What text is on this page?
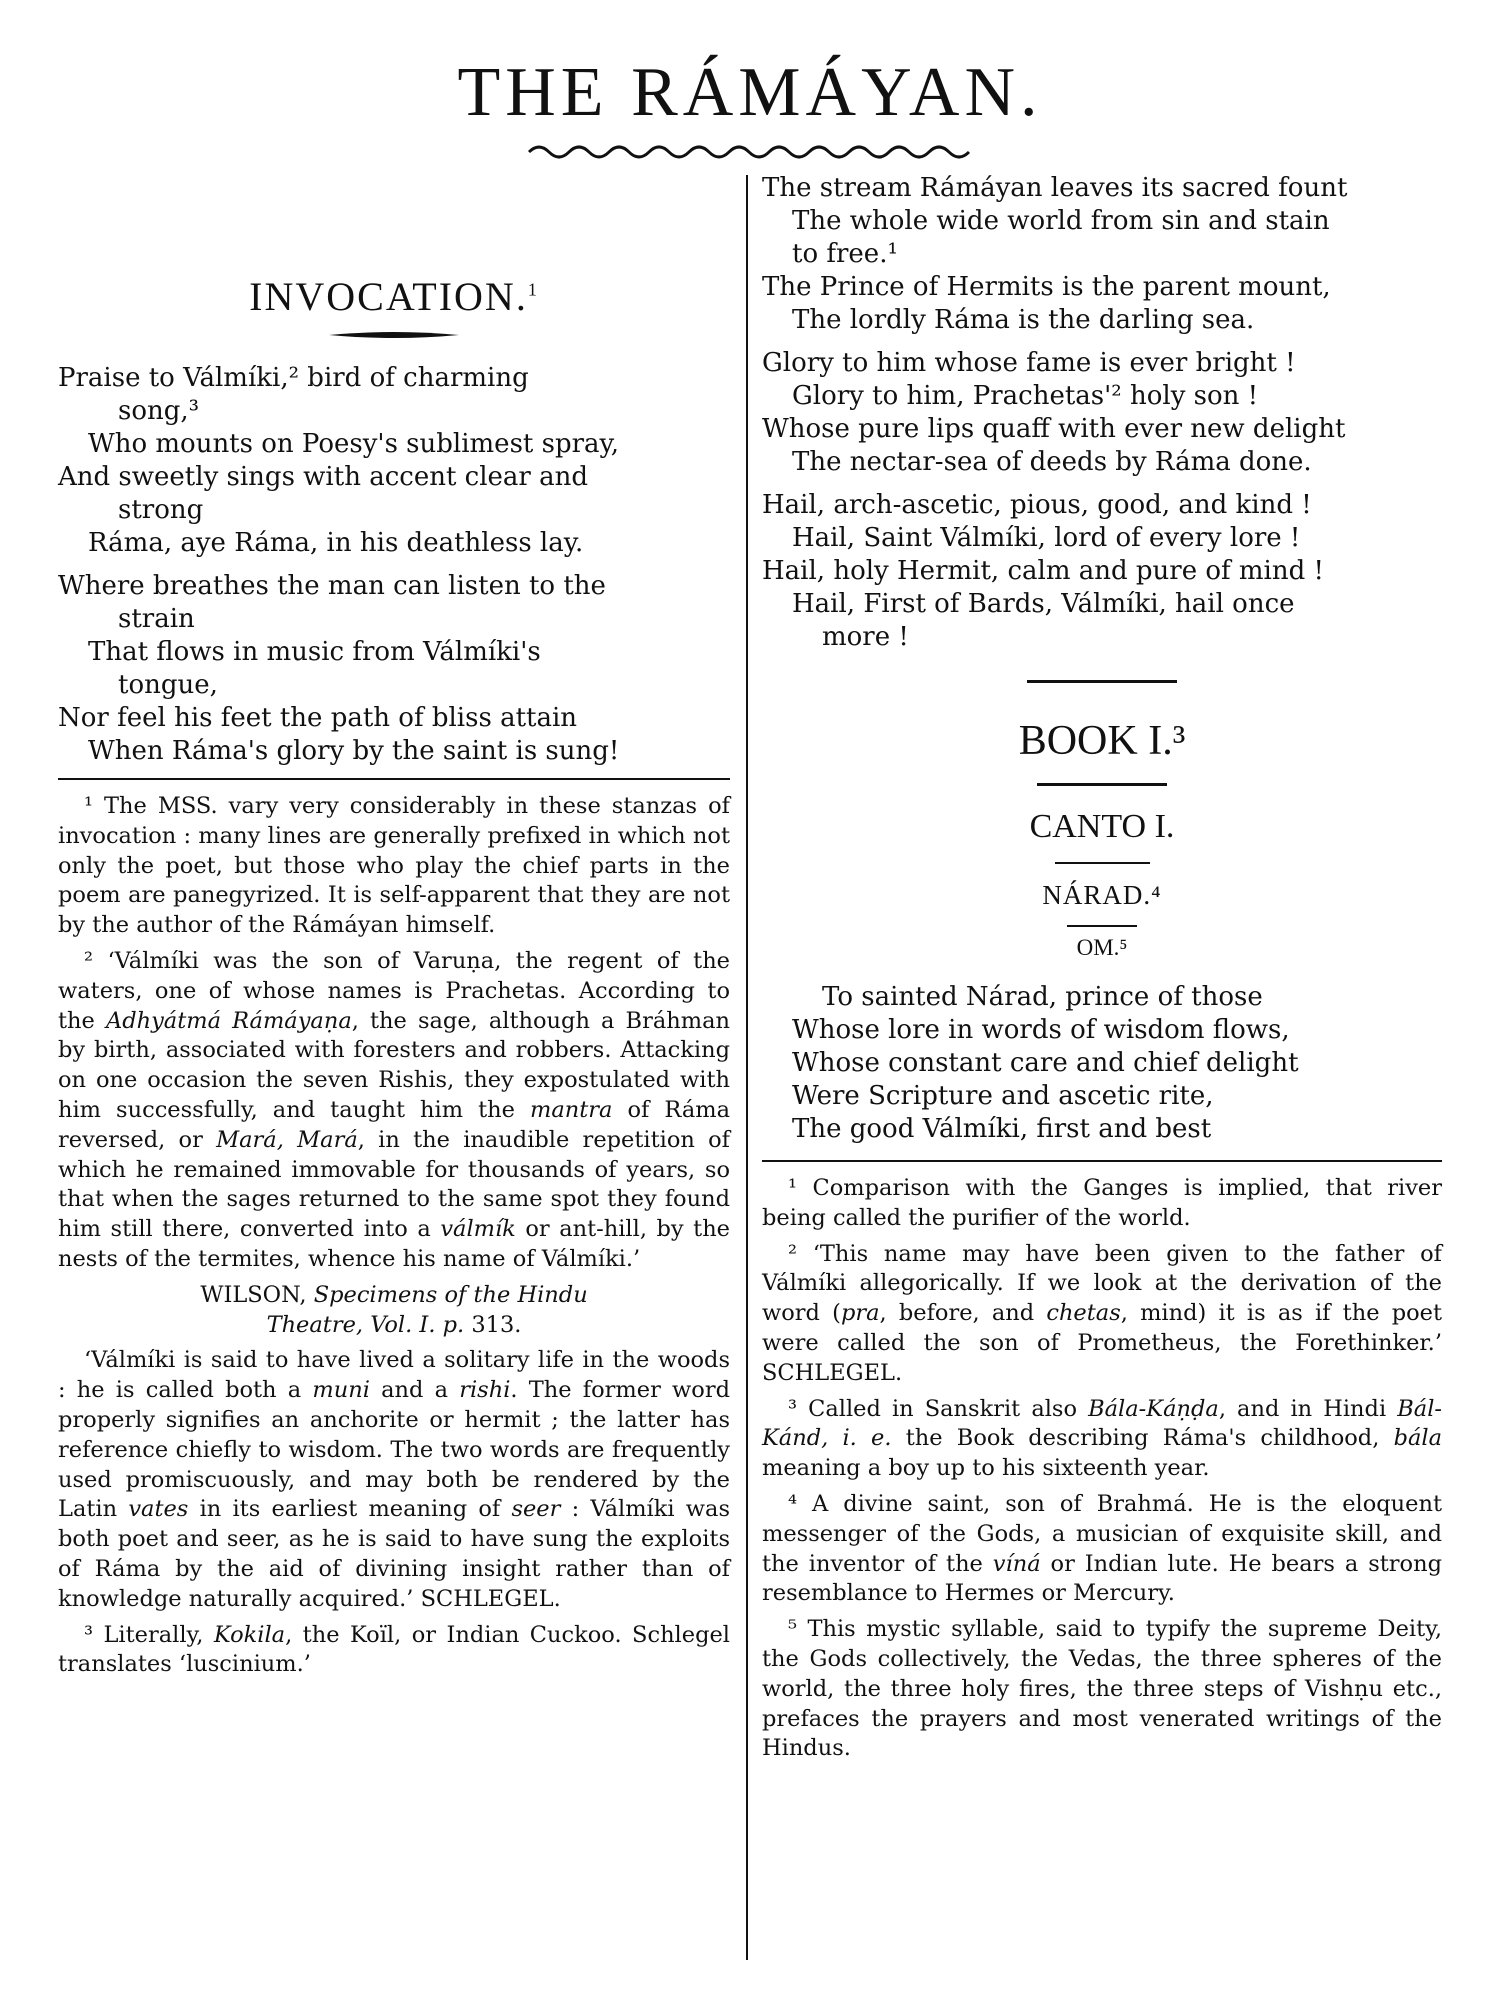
THE RÁMÁYAN.
INVOCATION.$^1$

Praise to Válmíki,² bird of charming

song,³

Who mounts on Poesy's sublimest spray,

And sweetly sings with accent clear and

strong

Ráma, aye Ráma, in his deathless lay.

Where breathes the man can listen to the

strain

That flows in music from Válmíki's

tongue,

Nor feel his feet the path of bliss attain

When Ráma's glory by the saint is sung!

¹ The MSS. vary very considerably in these stanzas of invocation : many lines are generally prefixed in which not only the poet, but those who play the chief parts in the poem are panegyrized. It is self-apparent that they are not by the author of the Rámáyan himself.

² ‘Válmíki was the son of Varuṇa, the regent of the waters, one of whose names is Prachetas. According to the Adhyátmá Rámáyaṇa, the sage, although a Bráhman by birth, associated with foresters and robbers. Attacking on one occasion the seven Rishis, they expostulated with him successfully, and taught him the mantra of Ráma reversed, or Mará, Mará, in the inaudible repetition of which he remained immovable for thousands of years, so that when the sages returned to the same spot they found him still there, converted into a válmík or ant-hill, by the nests of the termites, whence his name of Válmíki.’

WILSON, Specimens of the Hindu

Theatre, Vol. I. p. 313.

‘Válmíki is said to have lived a solitary life in the woods : he is called both a muni and a rishi. The former word properly signifies an anchorite or hermit ; the latter has reference chiefly to wisdom. The two words are frequently used promiscuously, and may both be rendered by the Latin vates in its earliest meaning of seer : Válmíki was both poet and seer, as he is said to have sung the exploits of Ráma by the aid of divining insight rather than of knowledge naturally acquired.’ SCHLEGEL.

³ Literally, Kokila, the Koïl, or Indian Cuckoo. Schlegel translates ‘luscinium.’

The stream Rámáyan leaves its sacred fount

The whole wide world from sin and stain

to free.¹

The Prince of Hermits is the parent mount,

The lordly Ráma is the darling sea.

Glory to him whose fame is ever bright !

Glory to him, Prachetas'² holy son !

Whose pure lips quaff with ever new delight

The nectar-sea of deeds by Ráma done.

Hail, arch-ascetic, pious, good, and kind !

Hail, Saint Válmíki, lord of every lore !

Hail, holy Hermit, calm and pure of mind !

Hail, First of Bards, Válmíki, hail once

more !

BOOK I.³
CANTO I.
NÁRAD.⁴
OM.⁵

To sainted Nárad, prince of those

Whose lore in words of wisdom flows,

Whose constant care and chief delight

Were Scripture and ascetic rite,

The good Válmíki, first and best

¹ Comparison with the Ganges is implied, that river being called the purifier of the world.

² ‘This name may have been given to the father of Válmíki allegorically. If we look at the derivation of the word (pra, before, and chetas, mind) it is as if the poet were called the son of Prometheus, the Forethinker.’ SCHLEGEL.

³ Called in Sanskrit also Bála-Káṇḍa, and in Hindi Bál-Kánd, i. e. the Book describing Ráma's childhood, bála meaning a boy up to his sixteenth year.

⁴ A divine saint, son of Brahmá. He is the eloquent messenger of the Gods, a musician of exquisite skill, and the inventor of the víná or Indian lute. He bears a strong resemblance to Hermes or Mercury.

⁵ This mystic syllable, said to typify the supreme Deity, the Gods collectively, the Vedas, the three spheres of the world, the three holy fires, the three steps of Vishṇu etc., prefaces the prayers and most venerated writings of the Hindus.
